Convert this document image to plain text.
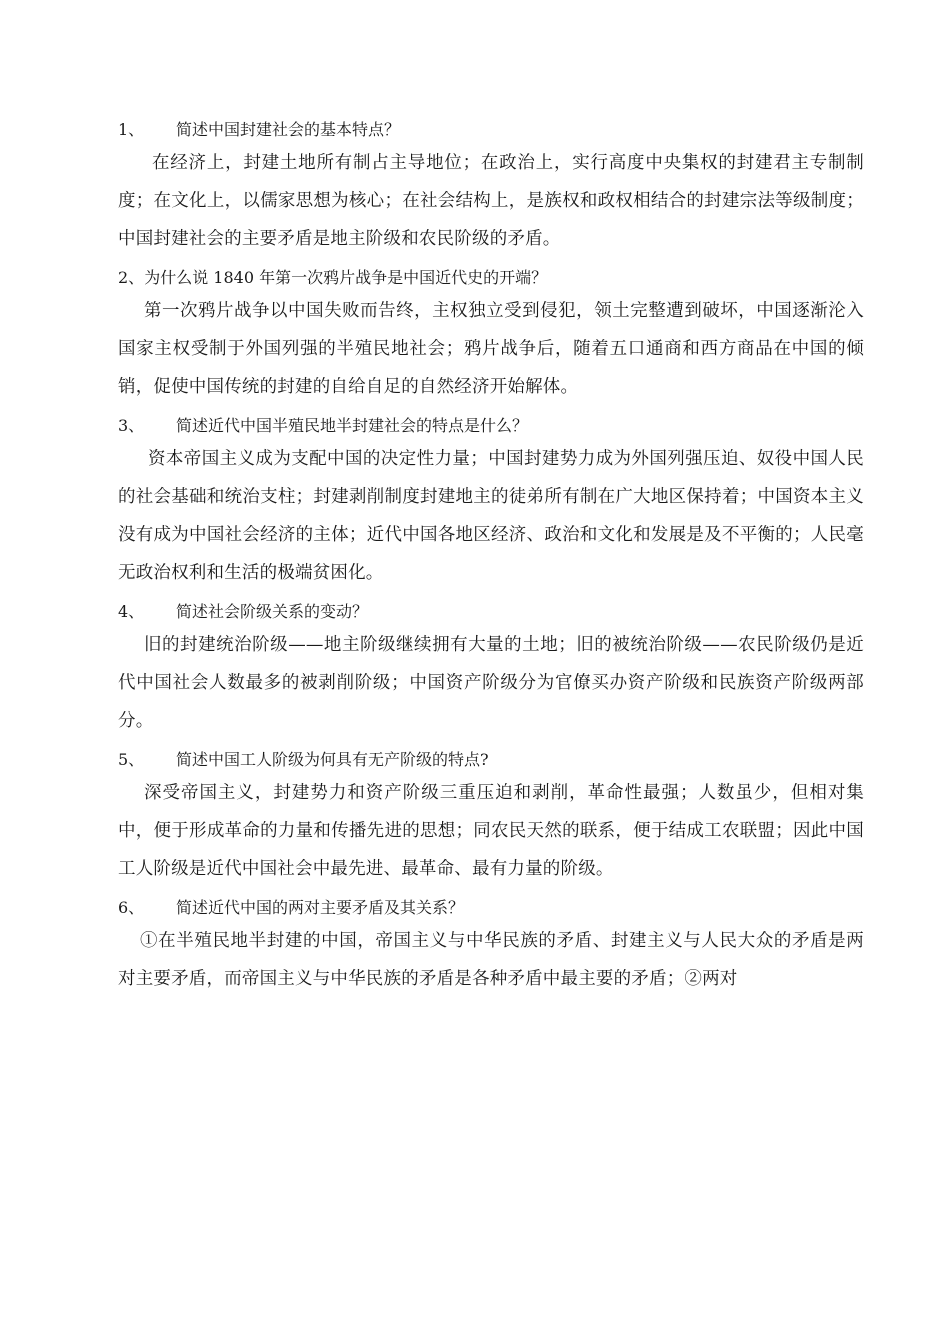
1、 简述中国封建社会的基本特点？

在经济上，封建土地所有制占主导地位；在政治上，实行高度中央集权的封建君主专制制度；在文化上，以儒家思想为核心；在社会结构上，是族权和政权相结合的封建宗法等级制度；中国封建社会的主要矛盾是地主阶级和农民阶级的矛盾。

2、为什么说 1840 年第一次鸦片战争是中国近代史的开端？

第一次鸦片战争以中国失败而告终，主权独立受到侵犯，领土完整遭到破坏，中国逐渐沦入国家主权受制于外国列强的半殖民地社会；鸦片战争后，随着五口通商和西方商品在中国的倾销，促使中国传统的封建的自给自足的自然经济开始解体。

3、 简述近代中国半殖民地半封建社会的特点是什么？

资本帝国主义成为支配中国的决定性力量；中国封建势力成为外国列强压迫、奴役中国人民的社会基础和统治支柱；封建剥削制度封建地主的徒弟所有制在广大地区保持着；中国资本主义没有成为中国社会经济的主体；近代中国各地区经济、政治和文化和发展是及不平衡的；人民毫无政治权利和生活的极端贫困化。

4、 简述社会阶级关系的变动？

旧的封建统治阶级——地主阶级继续拥有大量的土地；旧的被统治阶级——农民阶级仍是近代中国社会人数最多的被剥削阶级；中国资产阶级分为官僚买办资产阶级和民族资产阶级两部分。

5、 简述中国工人阶级为何具有无产阶级的特点?

深受帝国主义，封建势力和资产阶级三重压迫和剥削，革命性最强；人数虽少，但相对集中，便于形成革命的力量和传播先进的思想；同农民天然的联系，便于结成工农联盟；因此中国工人阶级是近代中国社会中最先进、最革命、最有力量的阶级。

6、 简述近代中国的两对主要矛盾及其关系？

①在半殖民地半封建的中国，帝国主义与中华民族的矛盾、封建主义与人民大众的矛盾是两对主要矛盾，而帝国主义与中华民族的矛盾是各种矛盾中最主要的矛盾；②两对
